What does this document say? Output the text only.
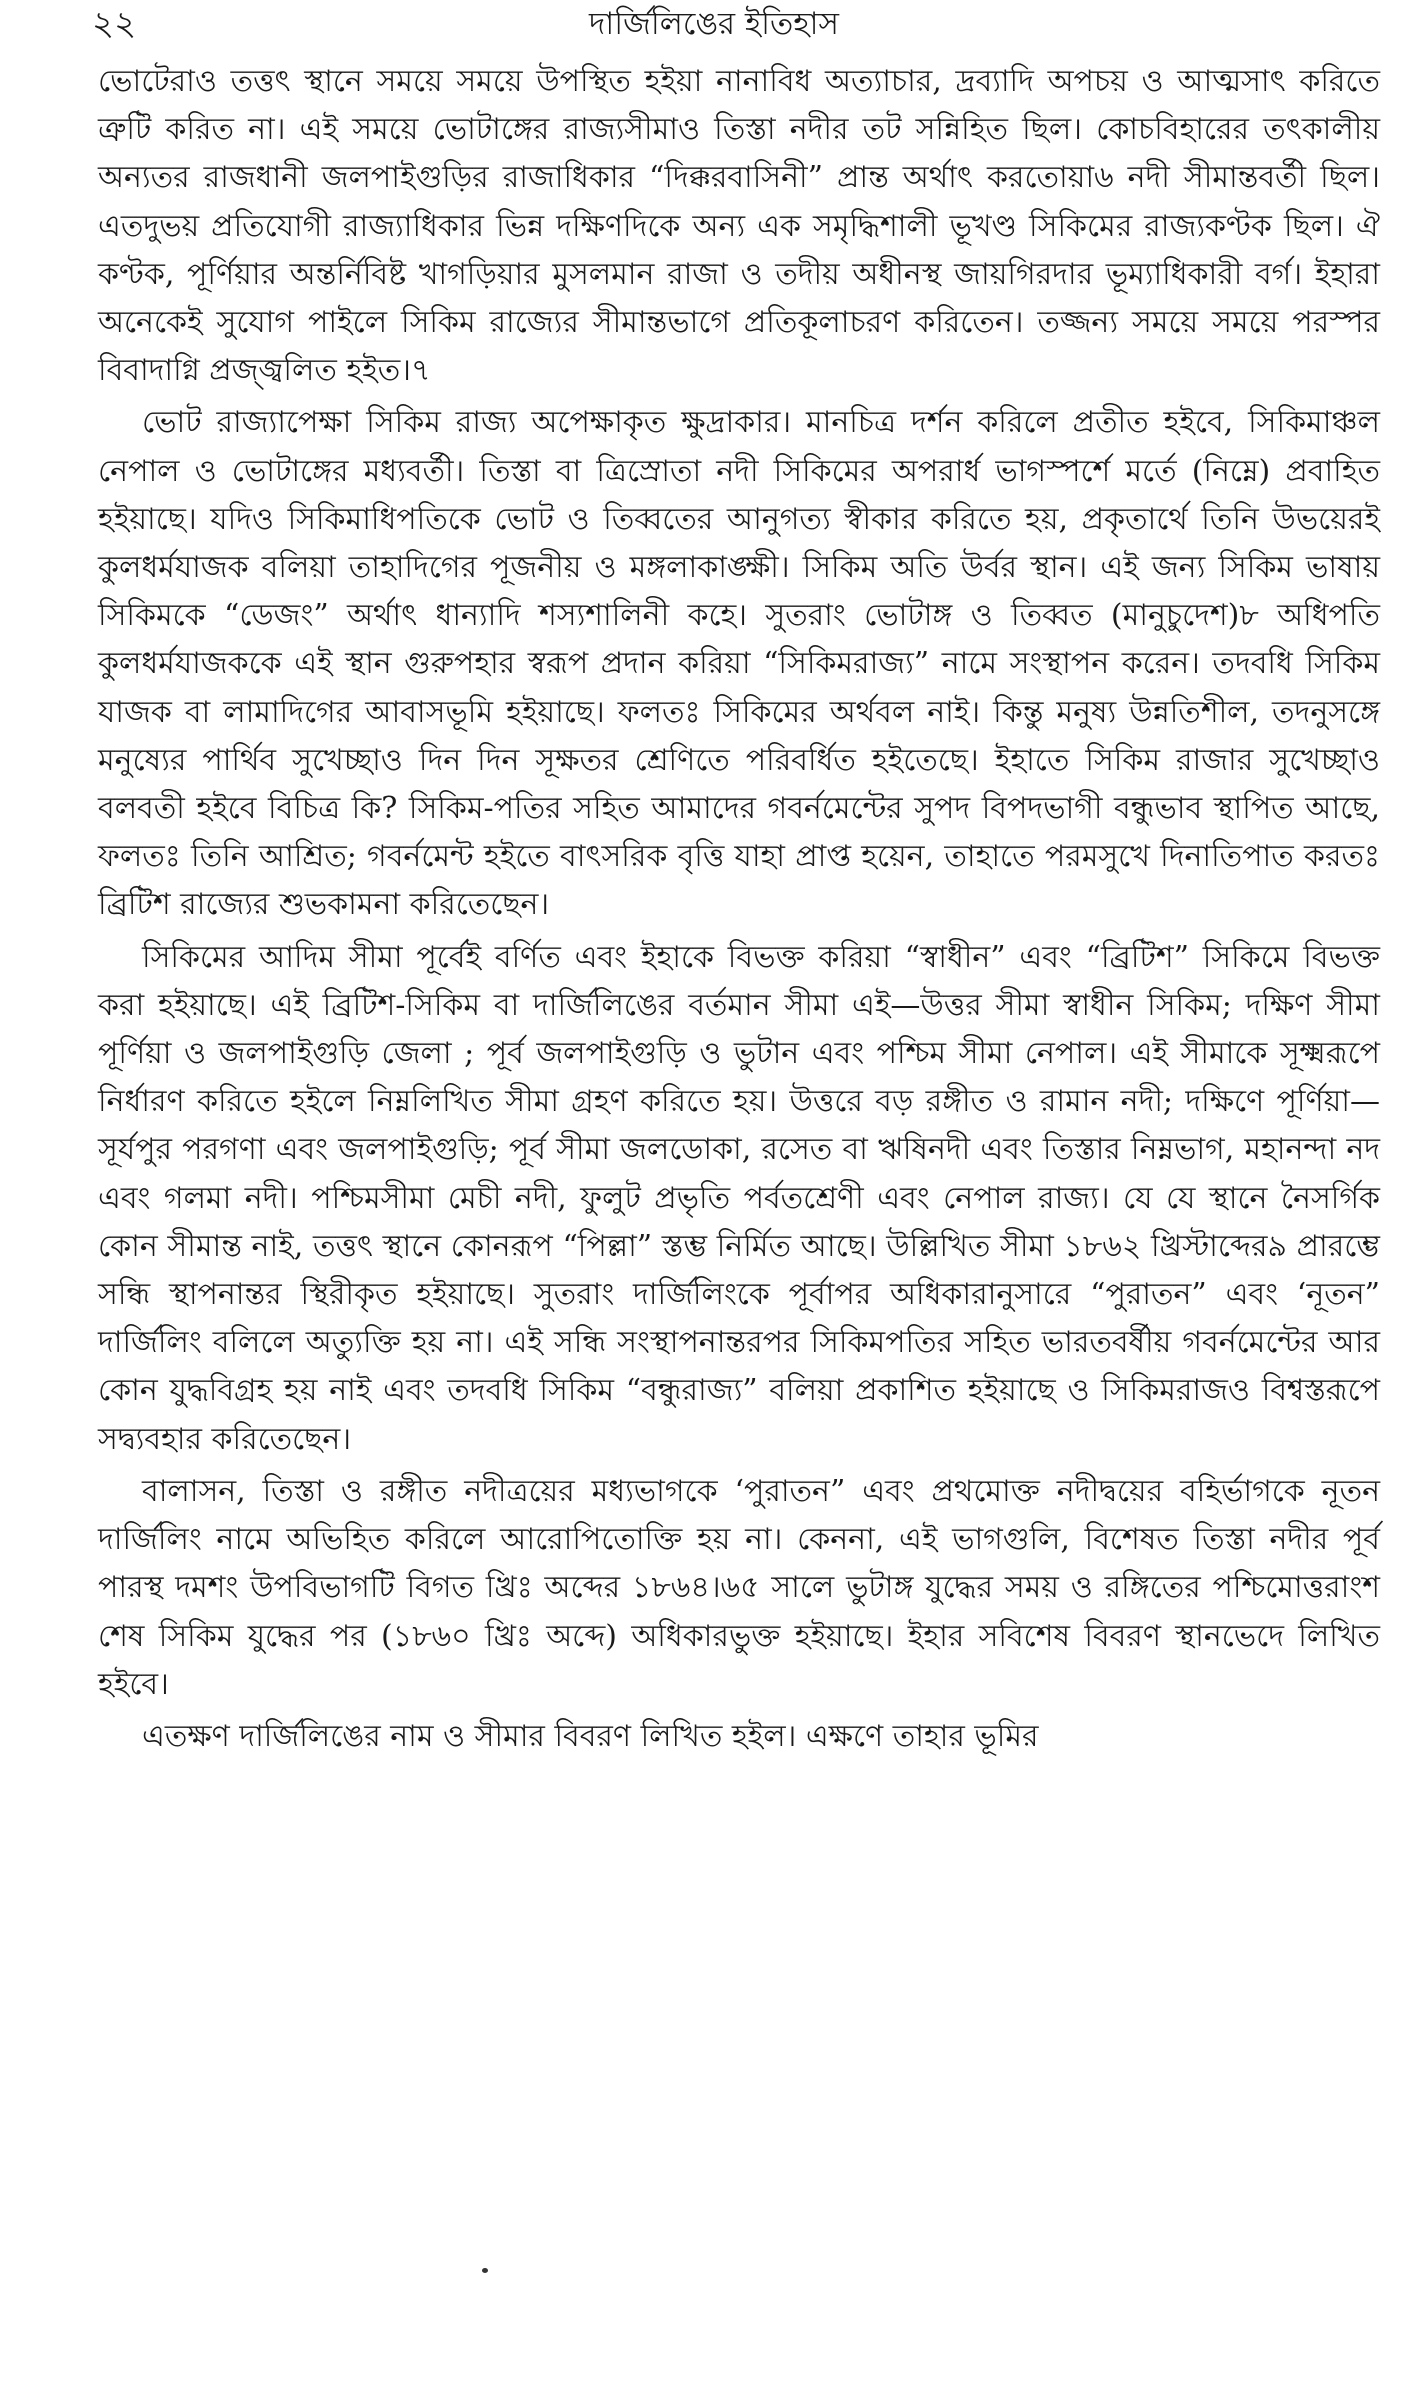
২২	দার্জিলিঙের ইতিহাস

ভোটেরাও তত্তৎ স্থানে সময়ে সময়ে উপস্থিত হইয়া নানাবিধ অত্যাচার, দ্রব্যাদি অপচয় ও আত্মসাৎ করিতে ত্রুটি করিত না। এই সময়ে ভোটাঙ্গের রাজ্যসীমাও তিস্তা নদীর তট সন্নিহিত ছিল। কোচবিহারের তৎকালীয় অন্যতর রাজধানী জলপাইগুড়ির রাজাধিকার “দিক্করবাসিনী” প্রান্ত অর্থাৎ করতোয়া৬ নদী সীমান্তবর্তী ছিল। এতদুভয় প্রতিযোগী রাজ্যাধিকার ভিন্ন দক্ষিণদিকে অন্য এক সমৃদ্ধিশালী ভূখণ্ড সিকিমের রাজ্যকণ্টক ছিল। ঐ কণ্টক, পূর্ণিয়ার অন্তর্নিবিষ্ট খাগড়িয়ার মুসলমান রাজা ও তদীয় অধীনস্থ জায়গিরদার ভূম্যাধিকারী বর্গ। ইহারা অনেকেই সুযোগ পাইলে সিকিম রাজ্যের সীমান্তভাগে প্রতিকূলাচরণ করিতেন। তজ্জন্য সময়ে সময়ে পরস্পর বিবাদাগ্নি প্রজ্জ্বলিত হইত।৭

ভোট রাজ্যাপেক্ষা সিকিম রাজ্য অপেক্ষাকৃত ক্ষুদ্রাকার। মানচিত্র দর্শন করিলে প্রতীত হইবে, সিকিমাঞ্চল নেপাল ও ভোটাঙ্গের মধ্যবর্তী। তিস্তা বা ত্রিস্রোতা নদী সিকিমের অপরার্ধ ভাগস্পর্শে মর্তে (নিম্নে) প্রবাহিত হইয়াছে। যদিও সিকিমাধিপতিকে ভোট ও তিব্বতের আনুগত্য স্বীকার করিতে হয়, প্রকৃতার্থে তিনি উভয়েরই কুলধর্মযাজক বলিয়া তাহাদিগের পূজনীয় ও মঙ্গলাকাঙ্ক্ষী। সিকিম অতি উর্বর স্থান। এই জন্য সিকিম ভাষায় সিকিমকে “ডেজং” অর্থাৎ ধান্যাদি শস্যশালিনী কহে। সুতরাং ভোটাঙ্গ ও তিব্বত (মানুচুদেশ)৮ অধিপতি কুলধর্মযাজককে এই স্থান গুরুপহার স্বরূপ প্রদান করিয়া “সিকিমরাজ্য” নামে সংস্থাপন করেন। তদবধি সিকিম যাজক বা লামাদিগের আবাসভূমি হইয়াছে। ফলতঃ সিকিমের অর্থবল নাই। কিন্তু মনুষ্য উন্নতিশীল, তদনুসঙ্গে মনুষ্যের পার্থিব সুখেচ্ছাও দিন দিন সূক্ষতর শ্রেণিতে পরিবর্ধিত হইতেছে। ইহাতে সিকিম রাজার সুখেচ্ছাও বলবতী হইবে বিচিত্র কি? সিকিম-পতির সহিত আমাদের গবর্নমেন্টের সুপদ বিপদভাগী বন্ধুভাব স্থাপিত আছে, ফলতঃ তিনি আশ্রিত; গবর্নমেন্ট হইতে বাৎসরিক বৃত্তি যাহা প্রাপ্ত হয়েন, তাহাতে পরমসুখে দিনাতিপাত করতঃ ব্রিটিশ রাজ্যের শুভকামনা করিতেছেন।

সিকিমের আদিম সীমা পূর্বেই বর্ণিত এবং ইহাকে বিভক্ত করিয়া “স্বাধীন” এবং “ব্রিটিশ” সিকিমে বিভক্ত করা হইয়াছে। এই ব্রিটিশ-সিকিম বা দার্জিলিঙের বর্তমান সীমা এই—উত্তর সীমা স্বাধীন সিকিম; দক্ষিণ সীমা পূর্ণিয়া ও জলপাইগুড়ি জেলা ; পূর্ব জলপাইগুড়ি ও ভুটান এবং পশ্চিম সীমা নেপাল। এই সীমাকে সূক্ষ্মরূপে নির্ধারণ করিতে হইলে নিম্নলিখিত সীমা গ্রহণ করিতে হয়। উত্তরে বড় রঙ্গীত ও রামান নদী; দক্ষিণে পূর্ণিয়া—সূর্যপুর পরগণা এবং জলপাইগুড়ি; পূর্ব সীমা জলডোকা, রসেত বা ঋষিনদী এবং তিস্তার নিম্নভাগ, মহানন্দা নদ এবং গলমা নদী। পশ্চিমসীমা মেচী নদী, ফুলুট প্রভৃতি পর্বতশ্রেণী এবং নেপাল রাজ্য। যে যে স্থানে নৈসর্গিক কোন সীমান্ত নাই, তত্তৎ স্থানে কোনরূপ “পিল্লা” স্তম্ভ নির্মিত আছে। উল্লিখিত সীমা ১৮৬২ খ্রিস্টাব্দের৯ প্রারম্ভে সন্ধি স্থাপনান্তর স্থিরীকৃত হইয়াছে। সুতরাং দার্জিলিংকে পূর্বাপর অধিকারানুসারে “পুরাতন” এবং ‘নূতন” দার্জিলিং বলিলে অত্যুক্তি হয় না। এই সন্ধি সংস্থাপনান্তরপর সিকিমপতির সহিত ভারতবর্ষীয় গবর্নমেন্টের আর কোন যুদ্ধবিগ্রহ হয় নাই এবং তদবধি সিকিম “বন্ধুরাজ্য” বলিয়া প্রকাশিত হইয়াছে ও সিকিমরাজও বিশ্বস্তরূপে সদ্ব্যবহার করিতেছেন।

বালাসন, তিস্তা ও রঙ্গীত নদীত্রয়ের মধ্যভাগকে ‘পুরাতন” এবং প্রথমোক্ত নদীদ্বয়ের বহির্ভাগকে নূতন দার্জিলিং নামে অভিহিত করিলে আরোপিতোক্তি হয় না। কেননা, এই ভাগগুলি, বিশেষত তিস্তা নদীর পূর্ব পারস্থ দমশং উপবিভাগটি বিগত খ্রিঃ অব্দের ১৮৬৪।৬৫ সালে ভুটাঙ্গ যুদ্ধের সময় ও রঙ্গিতের পশ্চিমোত্তরাংশ শেষ সিকিম যুদ্ধের পর (১৮৬০ খ্রিঃ অব্দে) অধিকারভুক্ত হইয়াছে। ইহার সবিশেষ বিবরণ স্থানভেদে লিখিত হইবে।

এতক্ষণ দার্জিলিঙের নাম ও সীমার বিবরণ লিখিত হইল। এক্ষণে তাহার ভূমির
